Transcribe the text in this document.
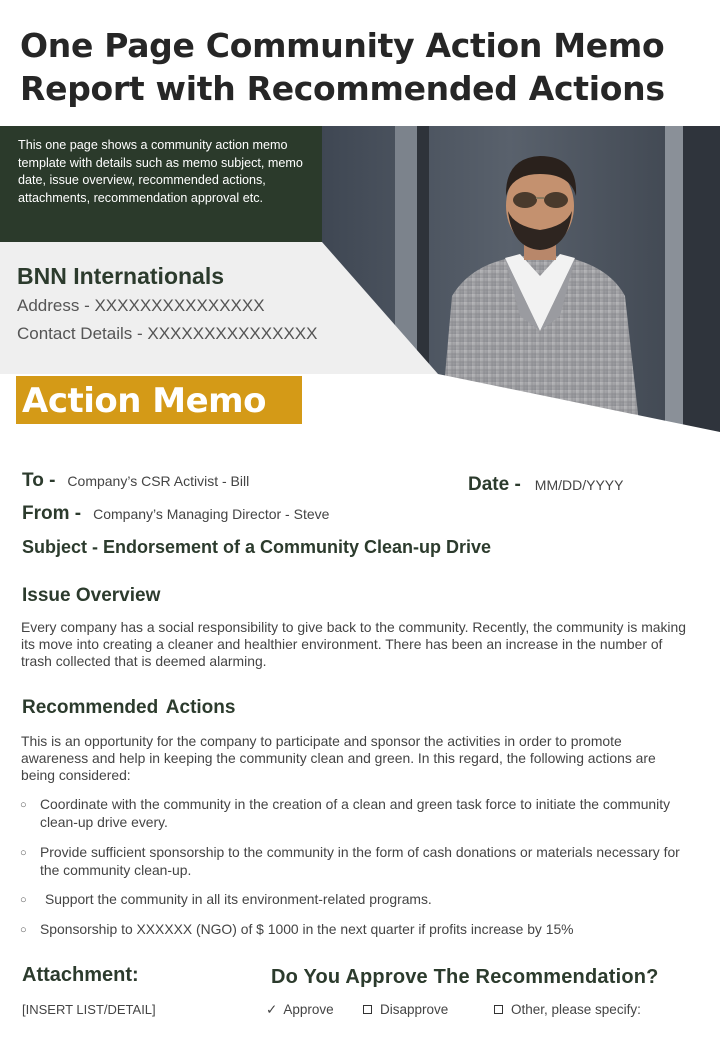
One Page Community Action Memo Report with Recommended Actions

This one page shows a community action memo template with details such as memo subject, memo date, issue overview, recommended actions, attachments, recommendation approval etc.

BNN Internationals
Address - XXXXXXXXXXXXXXX
Contact Details - XXXXXXXXXXXXXXX
Action Memo
To - Company’s CSR Activist - Bill	Date - MM/DD/YYYY
From - Company’s Managing Director - Steve
Subject - Endorsement of a Community Clean-up Drive
Issue Overview

Every company has a social responsibility to give back to the community. Recently, the community is making its move into creating a cleaner and healthier environment. There has been an increase in the number of trash collected that is deemed alarming.

Recommended Actions

This is an opportunity for the company to participate and sponsor the activities in order to promote awareness and help in keeping the community clean and green. In this regard, the following actions are being considered:

○ Coordinate with the community in the creation of a clean and green task force to initiate the community clean-up drive every.
○ Provide sufficient sponsorship to the community in the form of cash donations or materials necessary for the community clean-up.
○ Support the community in all its environment-related programs.
○ Sponsorship to XXXXXX (NGO) of $ 1000 in the next quarter if profits increase by 15%
Attachment:
[INSERT LIST/DETAIL]
Do You Approve The Recommendation?
✓ Approve	Disapprove	Other, please specify:
